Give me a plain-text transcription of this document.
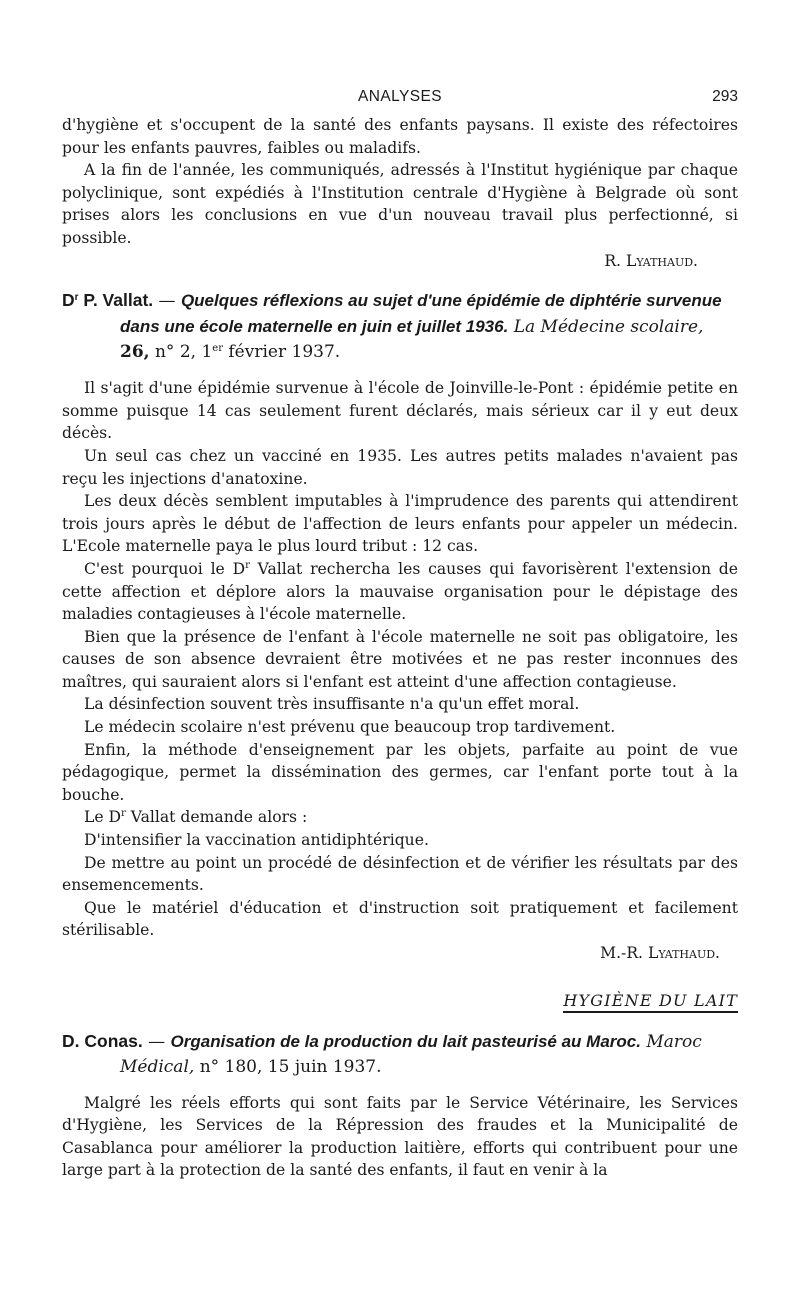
ANALYSES	293

d'hygiène et s'occupent de la santé des enfants paysans. Il existe des réfectoires pour les enfants pauvres, faibles ou maladifs.

A la fin de l'année, les communiqués, adressés à l'Institut hygiénique par chaque polyclinique, sont expédiés à l'Institution centrale d'Hygiène à Belgrade où sont prises alors les conclusions en vue d'un nouveau travail plus perfectionné, si possible.

R. Lyathaud.

$D^r$ P. Vallat. — Quelques réflexions au sujet d'une épidémie de diphtérie survenue dans une école maternelle en juin et juillet 1936. La Médecine scolaire, 26, n° 2, 1er février 1937.

Il s'agit d'une épidémie survenue à l'école de Joinville-le-Pont : épidémie petite en somme puisque 14 cas seulement furent déclarés, mais sérieux car il y eut deux décès.

Un seul cas chez un vacciné en 1935. Les autres petits malades n'avaient pas reçu les injections d'anatoxine.

Les deux décès semblent imputables à l'imprudence des parents qui attendirent trois jours après le début de l'affection de leurs enfants pour appeler un médecin. L'Ecole maternelle paya le plus lourd tribut : 12 cas.

C'est pourquoi le $D^r$ Vallat rechercha les causes qui favorisèrent l'extension de cette affection et déplore alors la mauvaise organisation pour le dépistage des maladies contagieuses à l'école maternelle.

Bien que la présence de l'enfant à l'école maternelle ne soit pas obligatoire, les causes de son absence devraient être motivées et ne pas rester inconnues des maîtres, qui sauraient alors si l'enfant est atteint d'une affection contagieuse.

La désinfection souvent très insuffisante n'a qu'un effet moral.

Le médecin scolaire n'est prévenu que beaucoup trop tardivement.

Enfin, la méthode d'enseignement par les objets, parfaite au point de vue pédagogique, permet la dissémination des germes, car l'enfant porte tout à la bouche.

Le $D^r$ Vallat demande alors :

D'intensifier la vaccination antidiphtérique.

De mettre au point un procédé de désinfection et de vérifier les résultats par des ensemencements.

Que le matériel d'éducation et d'instruction soit pratiquement et facilement stérilisable.

M.-R. Lyathaud.

HYGIÈNE DU LAIT

D. Conas. — Organisation de la production du lait pasteurisé au Maroc. Maroc Médical, n° 180, 15 juin 1937.

Malgré les réels efforts qui sont faits par le Service Vétérinaire, les Services d'Hygiène, les Services de la Répression des fraudes et la Municipalité de Casablanca pour améliorer la production laitière, efforts qui contribuent pour une large part à la protection de la santé des enfants, il faut en venir à la
